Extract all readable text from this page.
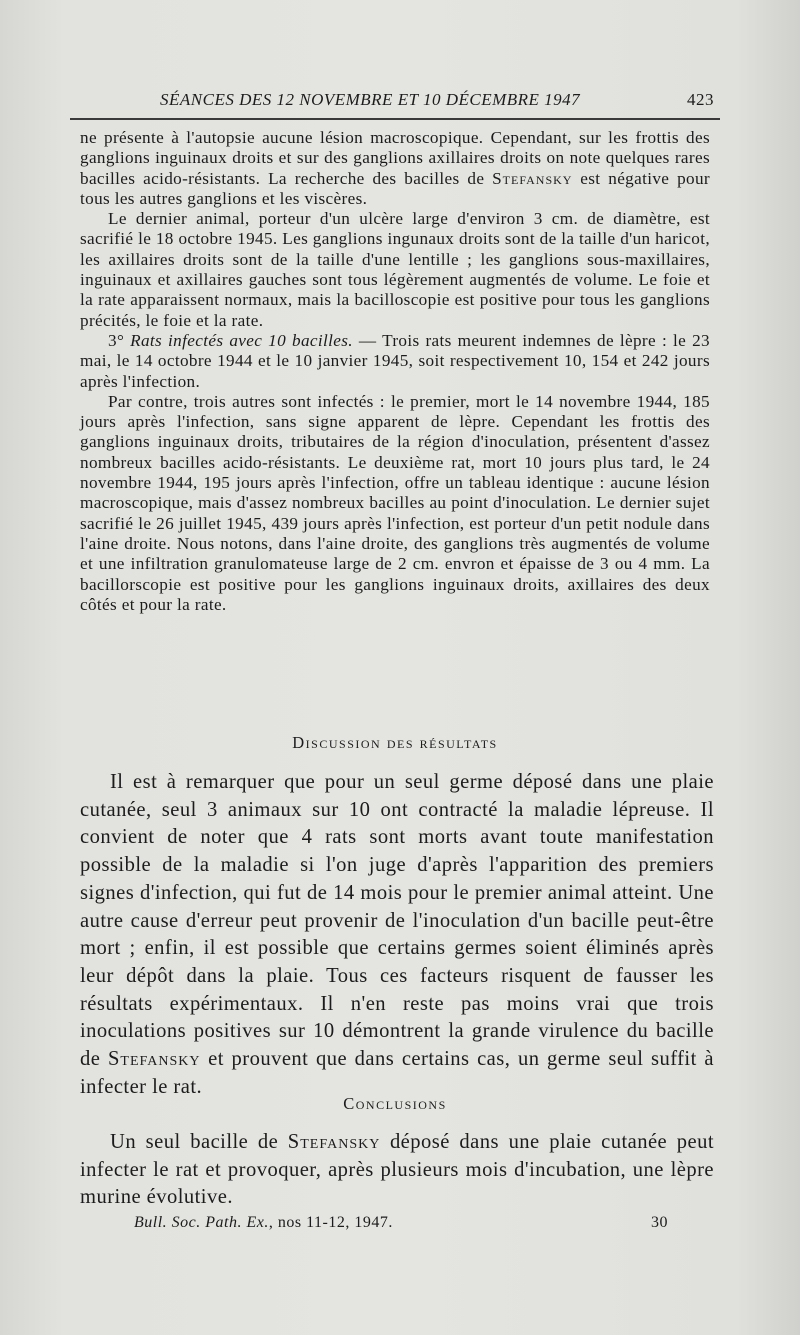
SÉANCES DES 12 NOVEMBRE ET 10 DÉCEMBRE 1947	423

ne présente à l'autopsie aucune lésion macroscopique. Cependant, sur les frottis des ganglions inguinaux droits et sur des ganglions axillaires droits on note quelques rares bacilles acido-résistants. La recherche des bacilles de Stefansky est négative pour tous les autres ganglions et les viscères.

Le dernier animal, porteur d'un ulcère large d'environ 3 cm. de diamètre, est sacrifié le 18 octobre 1945. Les ganglions ingunaux droits sont de la taille d'un haricot, les axillaires droits sont de la taille d'une lentille ; les ganglions sous-maxillaires, inguinaux et axillaires gauches sont tous légèrement augmentés de volume. Le foie et la rate apparaissent normaux, mais la bacilloscopie est positive pour tous les ganglions précités, le foie et la rate.

3° Rats infectés avec 10 bacilles. — Trois rats meurent indemnes de lèpre : le 23 mai, le 14 octobre 1944 et le 10 janvier 1945, soit respectivement 10, 154 et 242 jours après l'infection.

Par contre, trois autres sont infectés : le premier, mort le 14 novembre 1944, 185 jours après l'infection, sans signe apparent de lèpre. Cependant les frottis des ganglions inguinaux droits, tributaires de la région d'inoculation, présentent d'assez nombreux bacilles acido-résistants. Le deuxième rat, mort 10 jours plus tard, le 24 novembre 1944, 195 jours après l'infection, offre un tableau identique : aucune lésion macroscopique, mais d'assez nombreux bacilles au point d'inoculation. Le dernier sujet sacrifié le 26 juillet 1945, 439 jours après l'infection, est porteur d'un petit nodule dans l'aine droite. Nous notons, dans l'aine droite, des ganglions très augmentés de volume et une infiltration granulomateuse large de 2 cm. envron et épaisse de 3 ou 4 mm. La bacillorscopie est positive pour les ganglions inguinaux droits, axillaires des deux côtés et pour la rate.

Discussion des résultats

Il est à remarquer que pour un seul germe déposé dans une plaie cutanée, seul 3 animaux sur 10 ont contracté la maladie lépreuse. Il convient de noter que 4 rats sont morts avant toute manifestation possible de la maladie si l'on juge d'après l'apparition des premiers signes d'infection, qui fut de 14 mois pour le premier animal atteint. Une autre cause d'erreur peut provenir de l'inoculation d'un bacille peut-être mort ; enfin, il est possible que certains germes soient éliminés après leur dépôt dans la plaie. Tous ces facteurs risquent de fausser les résultats expérimentaux. Il n'en reste pas moins vrai que trois inoculations positives sur 10 démontrent la grande virulence du bacille de Stefansky et prouvent que dans certains cas, un germe seul suffit à infecter le rat.

Conclusions

Un seul bacille de Stefansky déposé dans une plaie cutanée peut infecter le rat et provoquer, après plusieurs mois d'incubation, une lèpre murine évolutive.

Bull. Soc. Path. Ex., nos 11-12, 1947.	30
